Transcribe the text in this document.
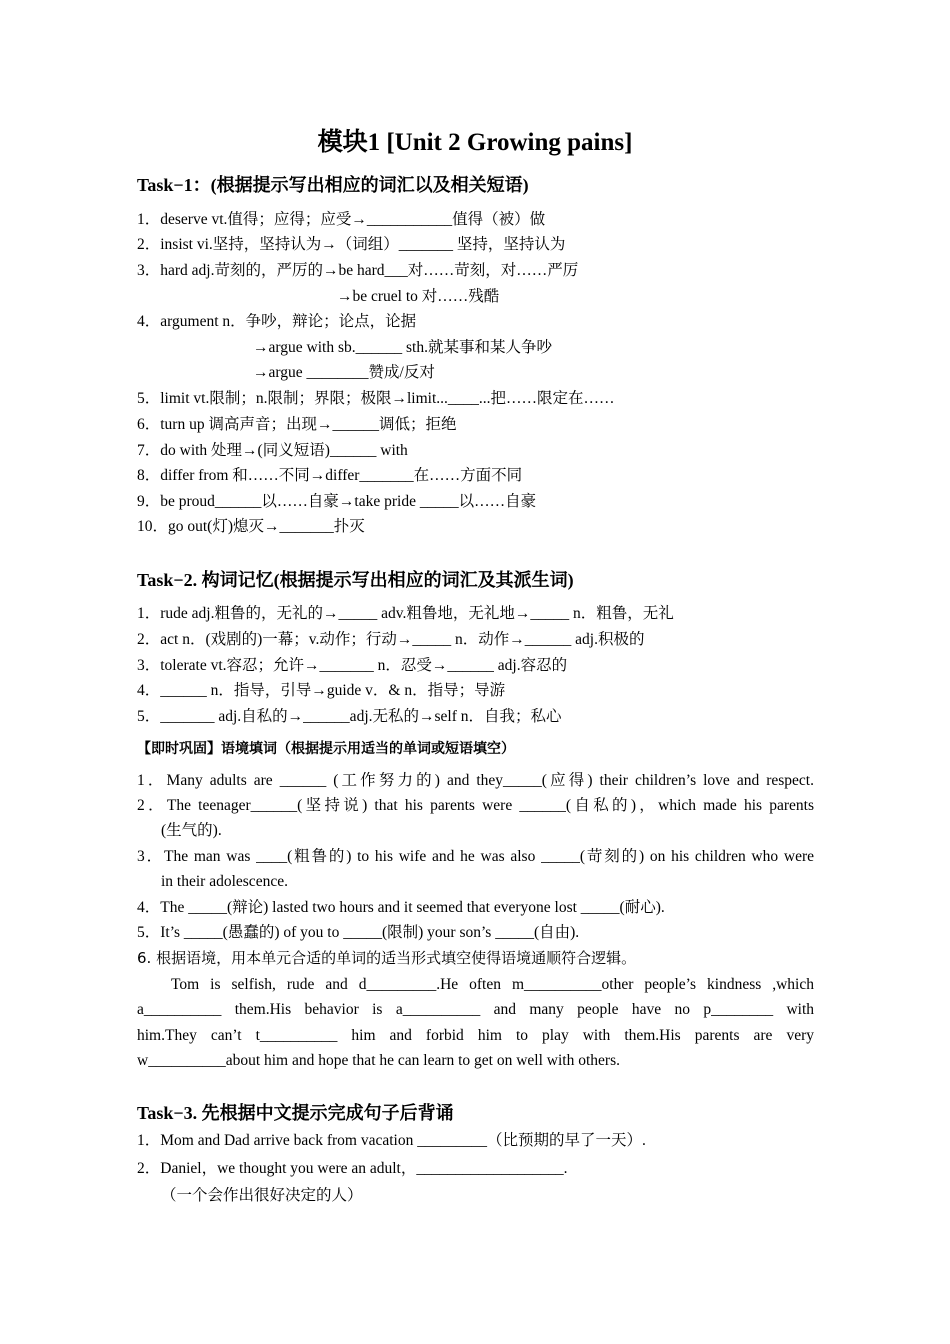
模块1 [Unit 2 Growing pains]
Task−1：(根据提示写出相应的词汇以及相关短语)
1．deserve vt.值得；应得；应受→___________值得（被）做
2．insist vi.坚持，坚持认为→（词组）_______ 坚持，坚持认为
3．hard adj.苛刻的，严厉的→be hard___对……苛刻，对……严厉
→be cruel to 对……残酷
4．argument n．争吵，辩论；论点，论据
→argue with sb.______ sth.就某事和某人争吵
→argue ________赞成/反对
5．limit vt.限制；n.限制；界限；极限→limit...____...把……限定在……
6．turn up 调高声音；出现→______调低；拒绝
7．do with 处理→(同义短语)______ with
8．differ from 和……不同→differ_______在……方面不同
9．be proud______以……自豪→take pride _____以……自豪
10．go out(灯)熄灭→_______扑灭
Task−2. 构词记忆(根据提示写出相应的词汇及其派生词)
1．rude adj.粗鲁的，无礼的→_____ adv.粗鲁地，无礼地→_____ n．粗鲁，无礼
2．act n．(戏剧的)一幕；v.动作；行动→_____ n．动作→______ adj.积极的
3．tolerate vt.容忍；允许→_______ n．忍受→______ adj.容忍的
4．______ n．指导，引导→guide v．& n．指导；导游
5．_______ adj.自私的→______adj.无私的→self n．自我；私心
【即时巩固】语境填词（根据提示用适当的单词或短语填空）
1．Many adults are ______ (工作努力的) and they_____(应得) their children’s love and respect.
2．The teenager______(坚持说) that his parents were ______(自私的)，which made his parents
(生气的).
3．The man was ____(粗鲁的) to his wife and he was also _____(苛刻的) on his children who were
in their adolescence.
4．The _____(辩论) lasted two hours and it seemed that everyone lost _____(耐心).
5．It’s _____(愚蠢的) of you to _____(限制) your son’s _____(自由).
6. 根据语境，用本单元合适的单词的适当形式填空使得语境通顺符合逻辑。
Tom is selfish, rude and d_________.He often m__________other people’s kindness ,which
a__________ them.His behavior is a__________ and many people have no p________ with
him.They can’t t__________ him and forbid him to play with them.His parents are very
w__________about him and hope that he can learn to get on well with others.
Task−3. 先根据中文提示完成句子后背诵
1．Mom and Dad arrive back from vacation _________（比预期的早了一天）.
2．Daniel，we thought you were an adult，___________________.
（一个会作出很好决定的人）
